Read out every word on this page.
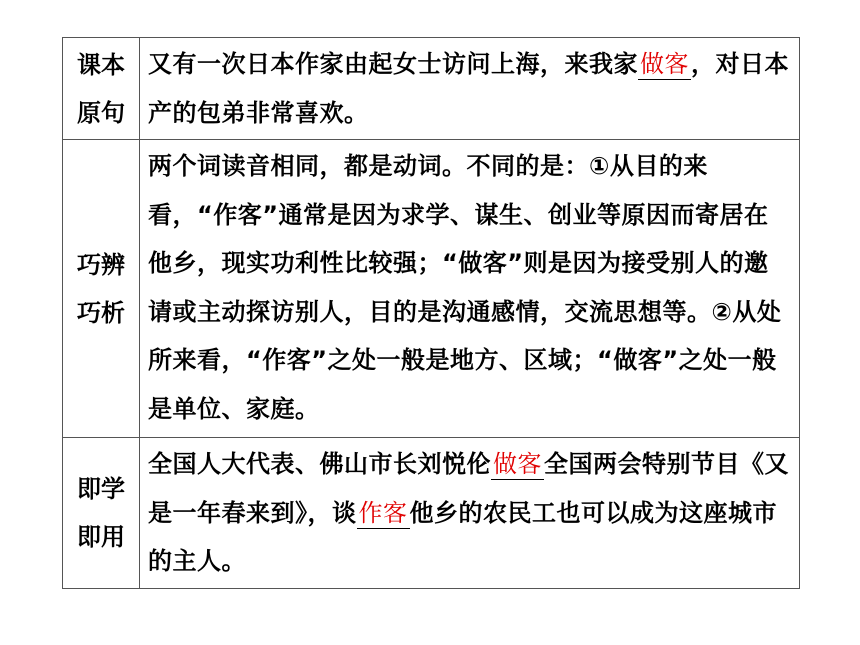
课本
原句	又有一次日本作家由起女士访问上海，来我家做客，对日本产的包弟非常喜欢。

巧辨
巧析	两个词读音相同，都是动词。不同的是：①从目的来看，“作客”通常是因为求学、谋生、创业等原因而寄居在他乡，现实功利性比较强；“做客”则是因为接受别人的邀请或主动探访别人，目的是沟通感情，交流思想等。②从处所来看，“作客”之处一般是地方、区域；“做客”之处一般是单位、家庭。

即学
即用	全国人大代表、佛山市长刘悦伦做客全国两会特别节目《又是一年春来到》，谈作客他乡的农民工也可以成为这座城市的主人。
